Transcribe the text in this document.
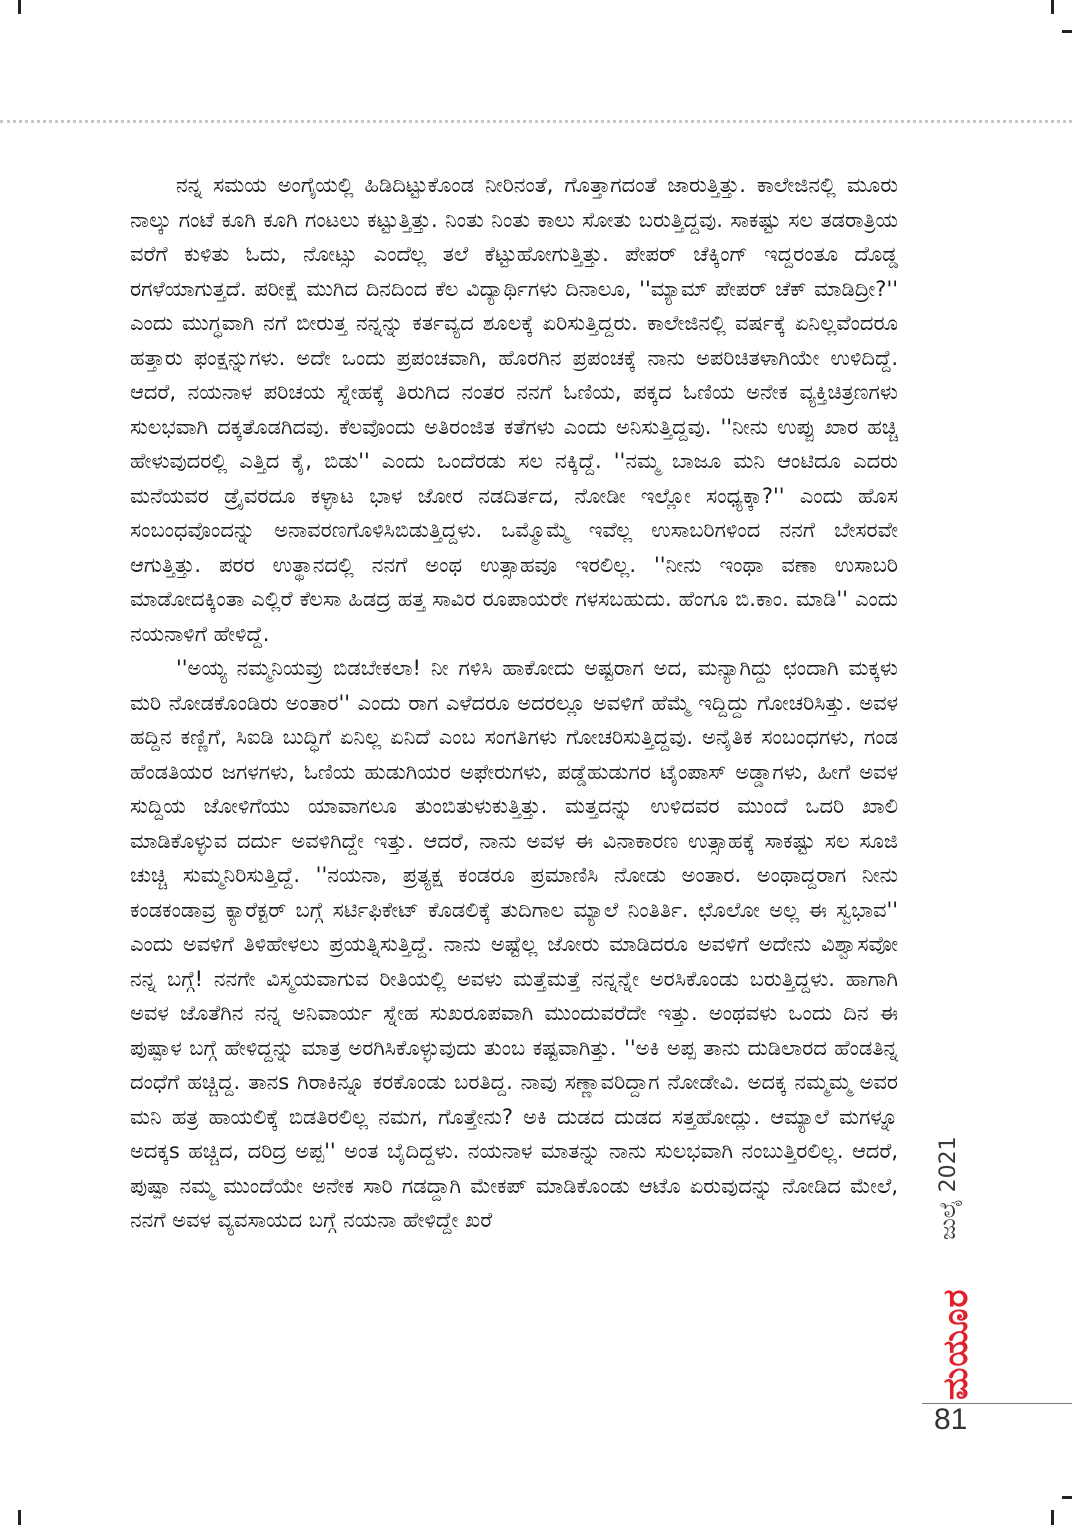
ನನ್ನ ಸಮಯ ಅಂಗೈಯಲ್ಲಿ ಹಿಡಿದಿಟ್ಟುಕೊಂಡ ನೀರಿನಂತೆ, ಗೊತ್ತಾಗದಂತೆ ಜಾರುತ್ತಿತ್ತು. ಕಾಲೇಜಿನಲ್ಲಿ ಮೂರು ನಾಲ್ಕು ಗಂಟೆ ಕೂಗಿ ಕೂಗಿ ಗಂಟಲು ಕಟ್ಟುತ್ತಿತ್ತು. ನಿಂತು ನಿಂತು ಕಾಲು ಸೋತು ಬರುತ್ತಿದ್ದವು. ಸಾಕಷ್ಟು ಸಲ ತಡರಾತ್ರಿಯ ವರೆಗೆ ಕುಳಿತು ಓದು, ನೋಟ್ಸು ಎಂದೆಲ್ಲ ತಲೆ ಕೆಟ್ಟುಹೋಗುತ್ತಿತ್ತು. ಪೇಪರ್ ಚೆಕ್ಕಿಂಗ್ ಇದ್ದರಂತೂ ದೊಡ್ಡ ರಗಳೆಯಾಗುತ್ತದೆ. ಪರೀಕ್ಷೆ ಮುಗಿದ ದಿನದಿಂದ ಕೆಲ ವಿದ್ಯಾರ್ಥಿಗಳು ದಿನಾಲೂ, ''ಮ್ಯಾಮ್ ಪೇಪರ್ ಚೆಕ್ ಮಾಡಿದ್ರೀ?'' ಎಂದು ಮುಗ್ಧವಾಗಿ ನಗೆ ಬೀರುತ್ತ ನನ್ನನ್ನು ಕರ್ತವ್ಯದ ಶೂಲಕ್ಕೆ ಏರಿಸುತ್ತಿದ್ದರು. ಕಾಲೇಜಿನಲ್ಲಿ ವರ್ಷಕ್ಕೆ ಏನಿಲ್ಲವೆಂದರೂ ಹತ್ತಾರು ಫಂಕ್ಷನ್ನುಗಳು. ಅದೇ ಒಂದು ಪ್ರಪಂಚವಾಗಿ, ಹೊರಗಿನ ಪ್ರಪಂಚಕ್ಕೆ ನಾನು ಅಪರಿಚಿತಳಾಗಿಯೇ ಉಳಿದಿದ್ದೆ. ಆದರೆ, ನಯನಾಳ ಪರಿಚಯ ಸ್ನೇಹಕ್ಕೆ ತಿರುಗಿದ ನಂತರ ನನಗೆ ಓಣಿಯ, ಪಕ್ಕದ ಓಣಿಯ ಅನೇಕ ವ್ಯಕ್ತಿಚಿತ್ರಣಗಳು ಸುಲಭವಾಗಿ ದಕ್ಕತೊಡಗಿದವು. ಕೆಲವೊಂದು ಅತಿರಂಜಿತ ಕತೆಗಳು ಎಂದು ಅನಿಸುತ್ತಿದ್ದವು. ''ನೀನು ಉಪ್ಪು ಖಾರ ಹಚ್ಚಿ ಹೇಳುವುದರಲ್ಲಿ ಎತ್ತಿದ ಕೈ, ಬಿಡು'' ಎಂದು ಒಂದೆರಡು ಸಲ ನಕ್ಕಿದ್ದೆ. ''ನಮ್ಮ ಬಾಜೂ ಮನಿ ಆಂಟಿದೂ ಎದರು ಮನೆಯವರ ಡ್ರೈವರದೂ ಕಳ್ಳಾಟ ಭಾಳ ಜೋರ ನಡದಿರ್ತದ, ನೋಡೀ ಇಲ್ಲೋ ಸಂಧ್ಯಕ್ಕಾ?'' ಎಂದು ಹೊಸ ಸಂಬಂಧವೊಂದನ್ನು ಅನಾವರಣಗೊಳಿಸಿಬಿಡುತ್ತಿದ್ದಳು. ಒಮ್ಮೊಮ್ಮೆ ಇವೆಲ್ಲ ಉಸಾಬರಿಗಳಿಂದ ನನಗೆ ಬೇಸರವೇ ಆಗುತ್ತಿತ್ತು. ಪರರ ಉತ್ಥಾನದಲ್ಲಿ ನನಗೆ ಅಂಥ ಉತ್ಸಾಹವೂ ಇರಲಿಲ್ಲ. ''ನೀನು ಇಂಥಾ ವಣಾ ಉಸಾಬರಿ ಮಾಡೋದಕ್ಕಿಂತಾ ಎಲ್ಲಿರೆ ಕೆಲಸಾ ಹಿಡದ್ರ ಹತ್ತ ಸಾವಿರ ರೂಪಾಯರೇ ಗಳಸಬಹುದು. ಹೆಂಗೂ ಬಿ.ಕಾಂ. ಮಾಡಿ'' ಎಂದು ನಯನಾಳಿಗೆ ಹೇಳಿದ್ದೆ.

''ಅಯ್ಯ ನಮ್ಮನಿಯವ್ರು ಬಿಡಬೇಕಲಾ! ನೀ ಗಳಿಸಿ ಹಾಕೋದು ಅಷ್ಟರಾಗ ಅದ, ಮನ್ಯಾಗಿದ್ದು ಛಂದಾಗಿ ಮಕ್ಕಳು ಮರಿ ನೋಡಕೊಂಡಿರು ಅಂತಾರ'' ಎಂದು ರಾಗ ಎಳೆದರೂ ಅದರಲ್ಲೂ ಅವಳಿಗೆ ಹೆಮ್ಮೆ ಇದ್ದಿದ್ದು ಗೋಚರಿಸಿತ್ತು. ಅವಳ ಹದ್ದಿನ ಕಣ್ಣಿಗೆ, ಸಿಐಡಿ ಬುದ್ಧಿಗೆ ಏನಿಲ್ಲ ಏನಿದೆ ಎಂಬ ಸಂಗತಿಗಳು ಗೋಚರಿಸುತ್ತಿದ್ದವು. ಅನೈತಿಕ ಸಂಬಂಧಗಳು, ಗಂಡ ಹೆಂಡತಿಯರ ಜಗಳಗಳು, ಓಣಿಯ ಹುಡುಗಿಯರ ಅಫೇರುಗಳು, ಪಡ್ಡೆಹುಡುಗರ ಟೈಂಪಾಸ್ ಅಡ್ಡಾಗಳು, ಹೀಗೆ ಅವಳ ಸುದ್ದಿಯ ಜೋಳಿಗೆಯು ಯಾವಾಗಲೂ ತುಂಬಿತುಳುಕುತ್ತಿತ್ತು. ಮತ್ತದನ್ನು ಉಳಿದವರ ಮುಂದೆ ಒದರಿ ಖಾಲಿ ಮಾಡಿಕೊಳ್ಳುವ ದರ್ದು ಅವಳಿಗಿದ್ದೇ ಇತ್ತು. ಆದರೆ, ನಾನು ಅವಳ ಈ ವಿನಾಕಾರಣ ಉತ್ಸಾಹಕ್ಕೆ ಸಾಕಷ್ಟು ಸಲ ಸೂಜಿ ಚುಚ್ಚಿ ಸುಮ್ಮನಿರಿಸುತ್ತಿದ್ದೆ. ''ನಯನಾ, ಪ್ರತ್ಯಕ್ಷ ಕಂಡರೂ ಪ್ರಮಾಣಿಸಿ ನೋಡು ಅಂತಾರ. ಅಂಥಾದ್ದರಾಗ ನೀನು ಕಂಡಕಂಡಾವ್ರ ಕ್ಯಾರೆಕ್ಟರ್ ಬಗ್ಗೆ ಸರ್ಟಿಫಿಕೇಟ್ ಕೊಡಲಿಕ್ಕೆ ತುದಿಗಾಲ ಮ್ಯಾಲೆ ನಿಂತಿರ್ತಿ. ಛೊಲೋ ಅಲ್ಲ ಈ ಸ್ವಭಾವ'' ಎಂದು ಅವಳಿಗೆ ತಿಳಿಹೇಳಲು ಪ್ರಯತ್ನಿಸುತ್ತಿದ್ದೆ. ನಾನು ಅಷ್ಟೆಲ್ಲ ಜೋರು ಮಾಡಿದರೂ ಅವಳಿಗೆ ಅದೇನು ವಿಶ್ವಾಸವೋ ನನ್ನ ಬಗ್ಗೆ! ನನಗೇ ವಿಸ್ಮಯವಾಗುವ ರೀತಿಯಲ್ಲಿ ಅವಳು ಮತ್ತೆಮತ್ತೆ ನನ್ನನ್ನೇ ಅರಸಿಕೊಂಡು ಬರುತ್ತಿದ್ದಳು. ಹಾಗಾಗಿ ಅವಳ ಜೊತೆಗಿನ ನನ್ನ ಅನಿವಾರ್ಯ ಸ್ನೇಹ ಸುಖರೂಪವಾಗಿ ಮುಂದುವರೆದೇ ಇತ್ತು. ಅಂಥವಳು ಒಂದು ದಿನ ಈ ಪುಷ್ಪಾಳ ಬಗ್ಗೆ ಹೇಳಿದ್ದನ್ನು ಮಾತ್ರ ಅರಗಿಸಿಕೊಳ್ಳುವುದು ತುಂಬ ಕಷ್ಟವಾಗಿತ್ತು. ''ಅಕಿ ಅಪ್ಪ ತಾನು ದುಡಿಲಾರದ ಹೆಂಡತಿನ್ನ ದಂಧೆಗೆ ಹಚ್ಚಿದ್ದ. ತಾನs ಗಿರಾಕಿನ್ನೂ ಕರಕೊಂಡು ಬರತಿದ್ದ. ನಾವು ಸಣ್ಣಾವರಿದ್ದಾಗ ನೋಡೇವಿ. ಅದಕ್ಕ ನಮ್ಮಮ್ಮ ಅವರ ಮನಿ ಹತ್ರ ಹಾಯಲಿಕ್ಕೆ ಬಿಡತಿರಲಿಲ್ಲ ನಮಗ, ಗೊತ್ತೇನು? ಅಕಿ ದುಡದ ದುಡದ ಸತ್ತಹೋದ್ಲು. ಆಮ್ಯಾಲೆ ಮಗಳ್ನೂ ಅದಕ್ಕs ಹಚ್ಚಿದ, ದರಿದ್ರ ಅಪ್ಪ'' ಅಂತ ಬೈದಿದ್ದಳು. ನಯನಾಳ ಮಾತನ್ನು ನಾನು ಸುಲಭವಾಗಿ ನಂಬುತ್ತಿರಲಿಲ್ಲ. ಆದರೆ, ಪುಷ್ಪಾ ನಮ್ಮ ಮುಂದೆಯೇ ಅನೇಕ ಸಾರಿ ಗಡದ್ದಾಗಿ ಮೇಕಪ್ ಮಾಡಿಕೊಂಡು ಆಟೊ ಏರುವುದನ್ನು ನೋಡಿದ ಮೇಲೆ, ನನಗೆ ಅವಳ ವ್ಯವಸಾಯದ ಬಗ್ಗೆ ನಯನಾ ಹೇಳಿದ್ದೇ ಖರೆ	ಜುಲೈ 2021
ಮಯೂರ
81
